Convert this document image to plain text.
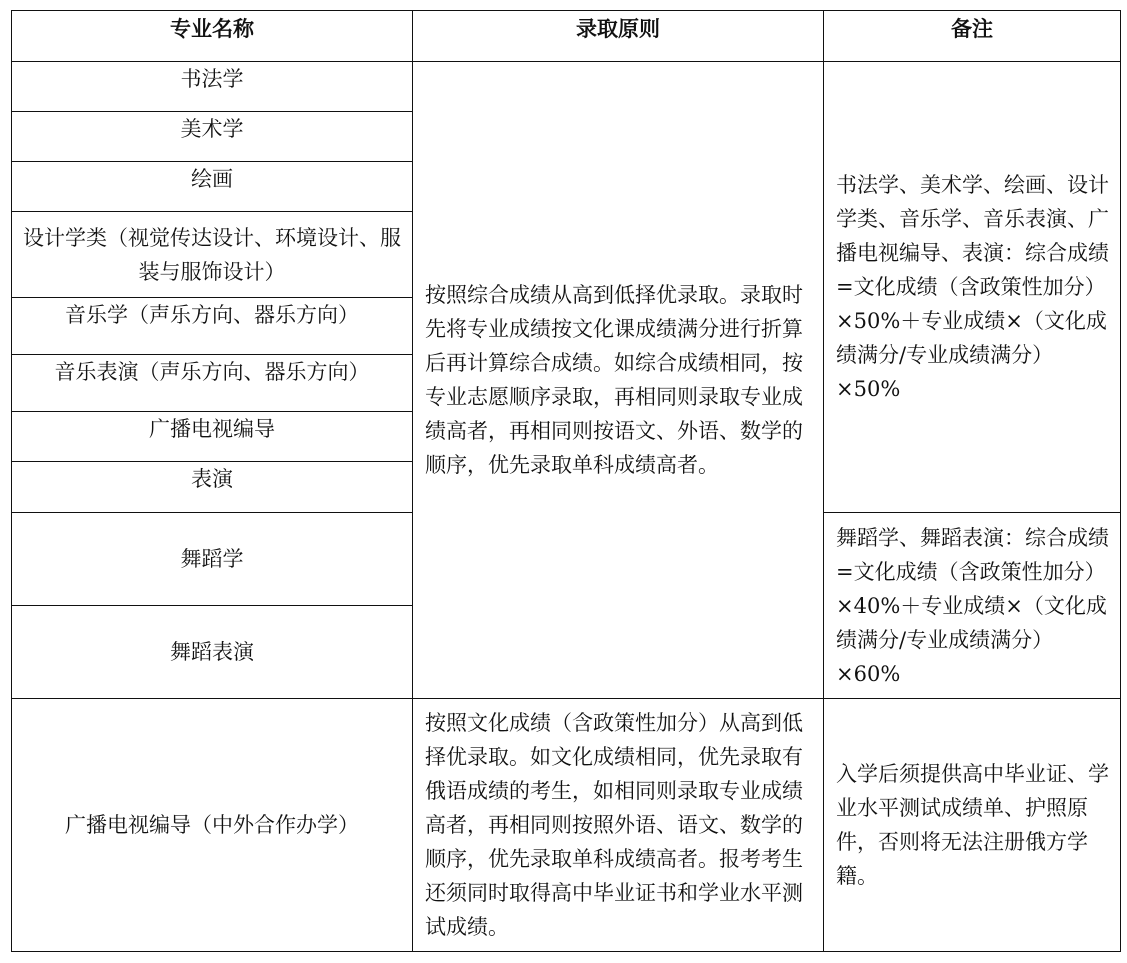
专业名称	录取原则	备注
书法学	按照综合成绩从高到低择优录取。录取时先将专业成绩按文化课成绩满分进行折算后再计算综合成绩。如综合成绩相同，按专业志愿顺序录取，再相同则录取专业成绩高者，再相同则按语文、外语、数学的顺序，优先录取单科成绩高者。	书法学、美术学、绘画、设计学类、音乐学、音乐表演、广播电视编导、表演：综合成绩=文化成绩（含政策性加分）×50%＋专业成绩×（文化成绩满分/专业成绩满分）×50%
美术学		
绘画		
设计学类（视觉传达设计、环境设计、服装与服饰设计）		
音乐学（声乐方向、器乐方向）		
音乐表演（声乐方向、器乐方向）		
广播电视编导		
表演		
舞蹈学		舞蹈学、舞蹈表演：综合成绩=文化成绩（含政策性加分）×40%＋专业成绩×（文化成绩满分/专业成绩满分）×60%
舞蹈表演		
广播电视编导（中外合作办学）	按照文化成绩（含政策性加分）从高到低择优录取。如文化成绩相同，优先录取有俄语成绩的考生，如相同则录取专业成绩高者，再相同则按照外语、语文、数学的顺序，优先录取单科成绩高者。报考考生还须同时取得高中毕业证书和学业水平测试成绩。	入学后须提供高中毕业证、学业水平测试成绩单、护照原件，否则将无法注册俄方学籍。
